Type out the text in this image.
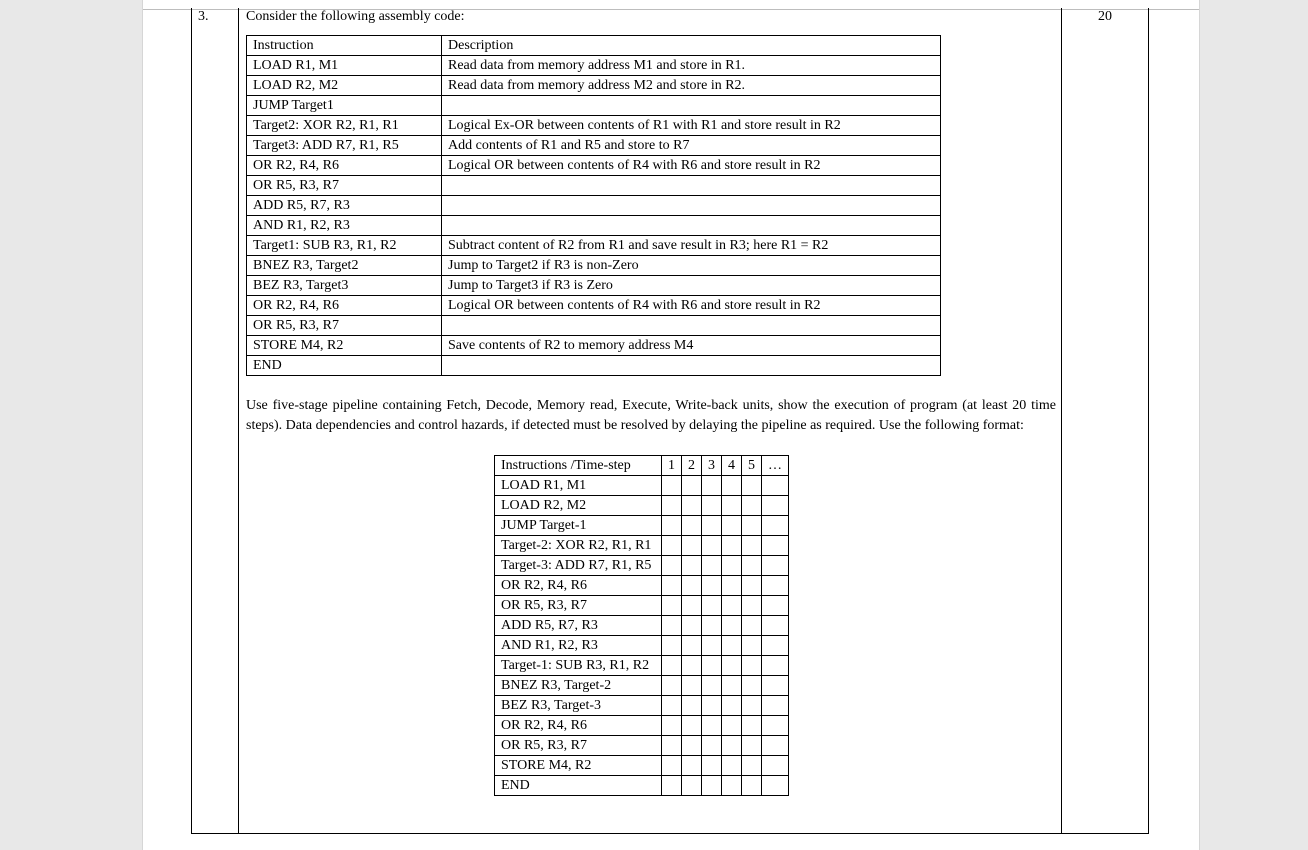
3.	20
Consider the following assembly code:
Instruction	Description
LOAD R1, M1	Read data from memory address M1 and store in R1.
LOAD R2, M2	Read data from memory address M2 and store in R2.
JUMP Target1	
Target2: XOR R2, R1, R1	Logical Ex-OR between contents of R1 with R1 and store result in R2
Target3: ADD R7, R1, R5	Add contents of R1 and R5 and store to R7
OR R2, R4, R6	Logical OR between contents of R4 with R6 and store result in R2
OR R5, R3, R7	
ADD R5, R7, R3	
AND R1, R2, R3	
Target1: SUB R3, R1, R2	Subtract content of R2 from R1 and save result in R3; here R1 = R2
BNEZ R3, Target2	Jump to Target2 if R3 is non-Zero
BEZ R3, Target3	Jump to Target3 if R3 is Zero
OR R2, R4, R6	Logical OR between contents of R4 with R6 and store result in R2
OR R5, R3, R7	
STORE M4, R2	Save contents of R2 to memory address M4
END	
Use five-stage pipeline containing Fetch, Decode, Memory read, Execute, Write-back units, show the execution of program (at least 20 time steps). Data dependencies and control hazards, if detected must be resolved by delaying the pipeline as required. Use the following format:
Instructions /Time-step	1	2	3	4	5	…
LOAD R1, M1						
LOAD R2, M2						
JUMP Target-1						
Target-2: XOR R2, R1, R1						
Target-3: ADD R7, R1, R5						
OR R2, R4, R6						
OR R5, R3, R7						
ADD R5, R7, R3						
AND R1, R2, R3						
Target-1: SUB R3, R1, R2						
BNEZ R3, Target-2						
BEZ R3, Target-3						
OR R2, R4, R6						
OR R5, R3, R7						
STORE M4, R2						
END						
